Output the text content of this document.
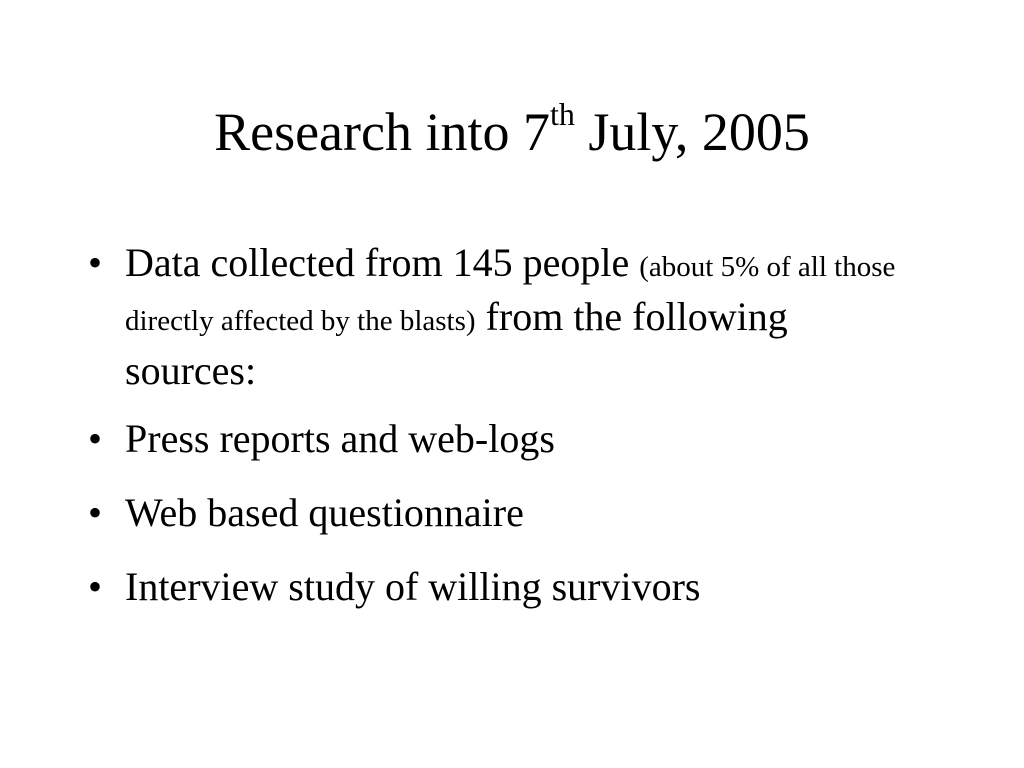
Research into 7th July, 2005
• Data collected from 145 people (about 5% of all those directly affected by the blasts) from the following sources:
• Press reports and web-logs
• Web based questionnaire
• Interview study of willing survivors
